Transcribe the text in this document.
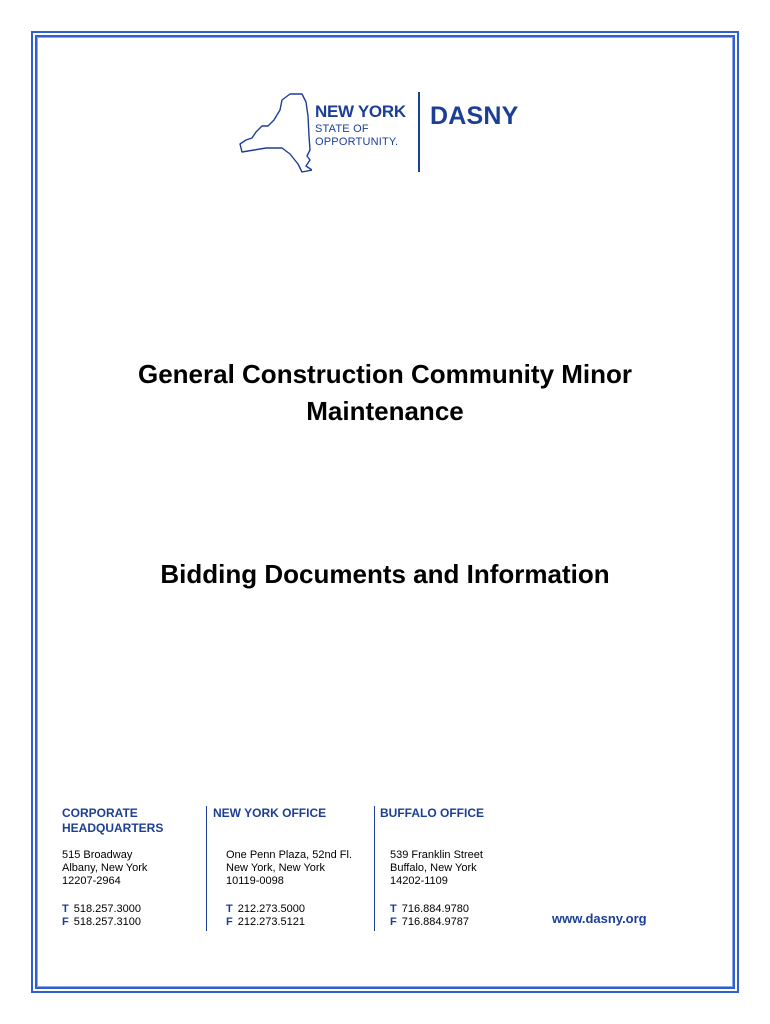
NEW YORK
STATE OF
OPPORTUNITY.
DASNY
General Construction Community Minor
Maintenance
Bidding Documents and Information
CORPORATE
HEADQUARTERS
515 Broadway
Albany, New York
12207-2964
T 518.257.3000
F 518.257.3100
NEW YORK OFFICE
One Penn Plaza, 52nd Fl.
New York, New York
10119-0098
T 212.273.5000
F 212.273.5121
BUFFALO OFFICE
539 Franklin Street
Buffalo, New York
14202-1109
T 716.884.9780
F 716.884.9787	www.dasny.org
